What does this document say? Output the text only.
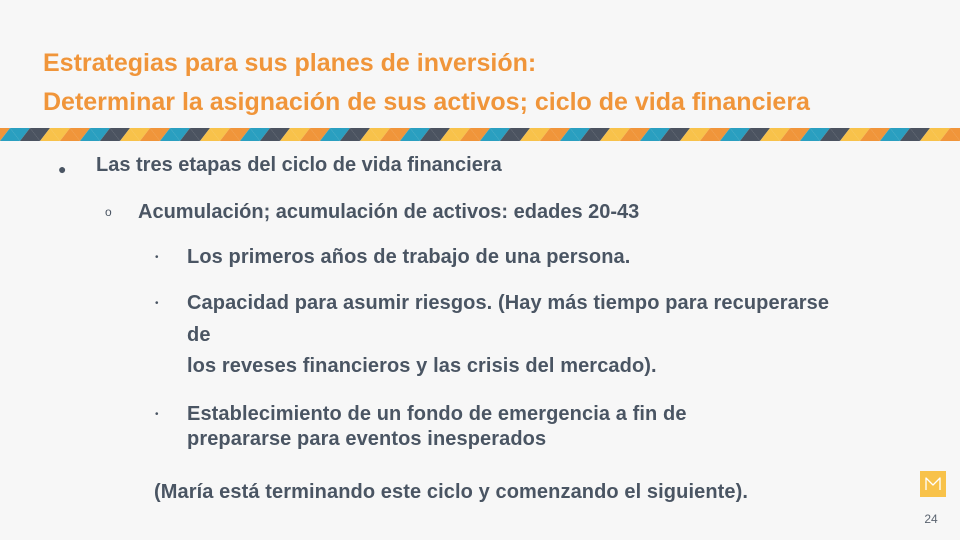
Estrategias para sus planes de inversión:
Determinar la asignación de sus activos; ciclo de vida financiera
● Las tres etapas del ciclo de vida financiera
o Acumulación; acumulación de activos: edades 20-43
• Los primeros años de trabajo de una persona.
• Capacidad para asumir riesgos. (Hay más tiempo para recuperarse
de
los reveses financieros y las crisis del mercado).
• Establecimiento de un fondo de emergencia a fin de
prepararse para eventos inesperados
(María está terminando este ciclo y comenzando el siguiente).
24
